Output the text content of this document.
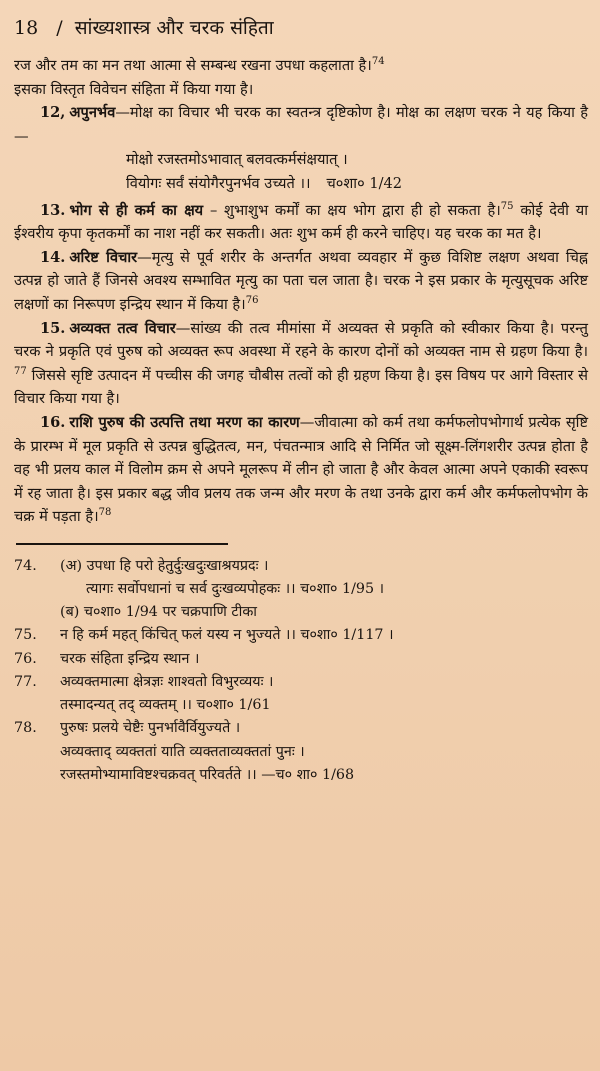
18 / सांख्यशास्त्र और चरक संहिता

रज और तम का मन तथा आत्मा से सम्बन्ध रखना उपधा कहलाता है।$^{74}$

इसका विस्तृत विवेचन संहिता में किया गया है।

12, अपुनर्भव—मोक्ष का विचार भी चरक का स्वतन्त्र दृष्टिकोण है। मोक्ष का लक्षण चरक ने यह किया है—

मोक्षो रजस्तमोऽभावात् बलवत्कर्मसंक्षयात् ।
वियोगः सर्वं संयोगैरपुनर्भव उच्यते ।। च०शा० 1/42

13. भोग से ही कर्म का क्षय – शुभाशुभ कर्मों का क्षय भोग द्वारा ही हो सकता है।$^{75}$ कोई देवी या ईश्वरीय कृपा कृतकर्मों का नाश नहीं कर सकती। अतः शुभ कर्म ही करने चाहिए। यह चरक का मत है।

14. अरिष्ट विचार—मृत्यु से पूर्व शरीर के अन्तर्गत अथवा व्यवहार में कुछ विशिष्ट लक्षण अथवा चिह्न उत्पन्न हो जाते हैं जिनसे अवश्य सम्भावित मृत्यु का पता चल जाता है। चरक ने इस प्रकार के मृत्युसूचक अरिष्ट लक्षणों का निरूपण इन्द्रिय स्थान में किया है।$^{76}$

15. अव्यक्त तत्व विचार—सांख्य की तत्व मीमांसा में अव्यक्त से प्रकृति को स्वीकार किया है। परन्तु चरक ने प्रकृति एवं पुरुष को अव्यक्त रूप अवस्था में रहने के कारण दोनों को अव्यक्त नाम से ग्रहण किया है।$^{77}$ जिससे सृष्टि उत्पादन में पच्चीस की जगह चौबीस तत्वों को ही ग्रहण किया है। इस विषय पर आगे विस्तार से विचार किया गया है।

16. राशि पुरुष की उत्पत्ति तथा मरण का कारण—जीवात्मा को कर्म तथा कर्मफलोपभोगार्थ प्रत्येक सृष्टि के प्रारम्भ में मूल प्रकृति से उत्पन्न बुद्धितत्व, मन, पंचतन्मात्र आदि से निर्मित जो सूक्ष्म-लिंगशरीर उत्पन्न होता है वह भी प्रलय काल में विलोम क्रम से अपने मूलरूप में लीन हो जाता है और केवल आत्मा अपने एकाकी स्वरूप में रह जाता है। इस प्रकार बद्ध जीव प्रलय तक जन्म और मरण के तथा उनके द्वारा कर्म और कर्मफलोपभोग के चक्र में पड़ता है।$^{78}$

74.	(अ) उपधा हि परो हेतुर्दुःखदुःखाश्रयप्रदः ।
त्यागः सर्वोपधानां च सर्व दुःखव्यपोहकः ।। च०शा० 1/95 ।
(ब) च०शा० 1/94 पर चक्रपाणि टीका
75.	न हि कर्म महत् किंचित् फलं यस्य न भुज्यते ।। च०शा० 1/117 ।
76.	चरक संहिता इन्द्रिय स्थान ।
77.	अव्यक्तमात्मा क्षेत्रज्ञः शाश्वतो विभुरव्ययः ।
तस्मादन्यत् तद् व्यक्तम् ।। च०शा० 1/61
78.	पुरुषः प्रलये चेष्टैः पुनर्भावैर्वियुज्यते ।
अव्यक्ताद् व्यक्ततां याति व्यक्तताव्यक्ततां पुनः ।
रजस्तमोभ्यामाविष्टश्चक्रवत् परिवर्तते ।। —च० शा० 1/68
